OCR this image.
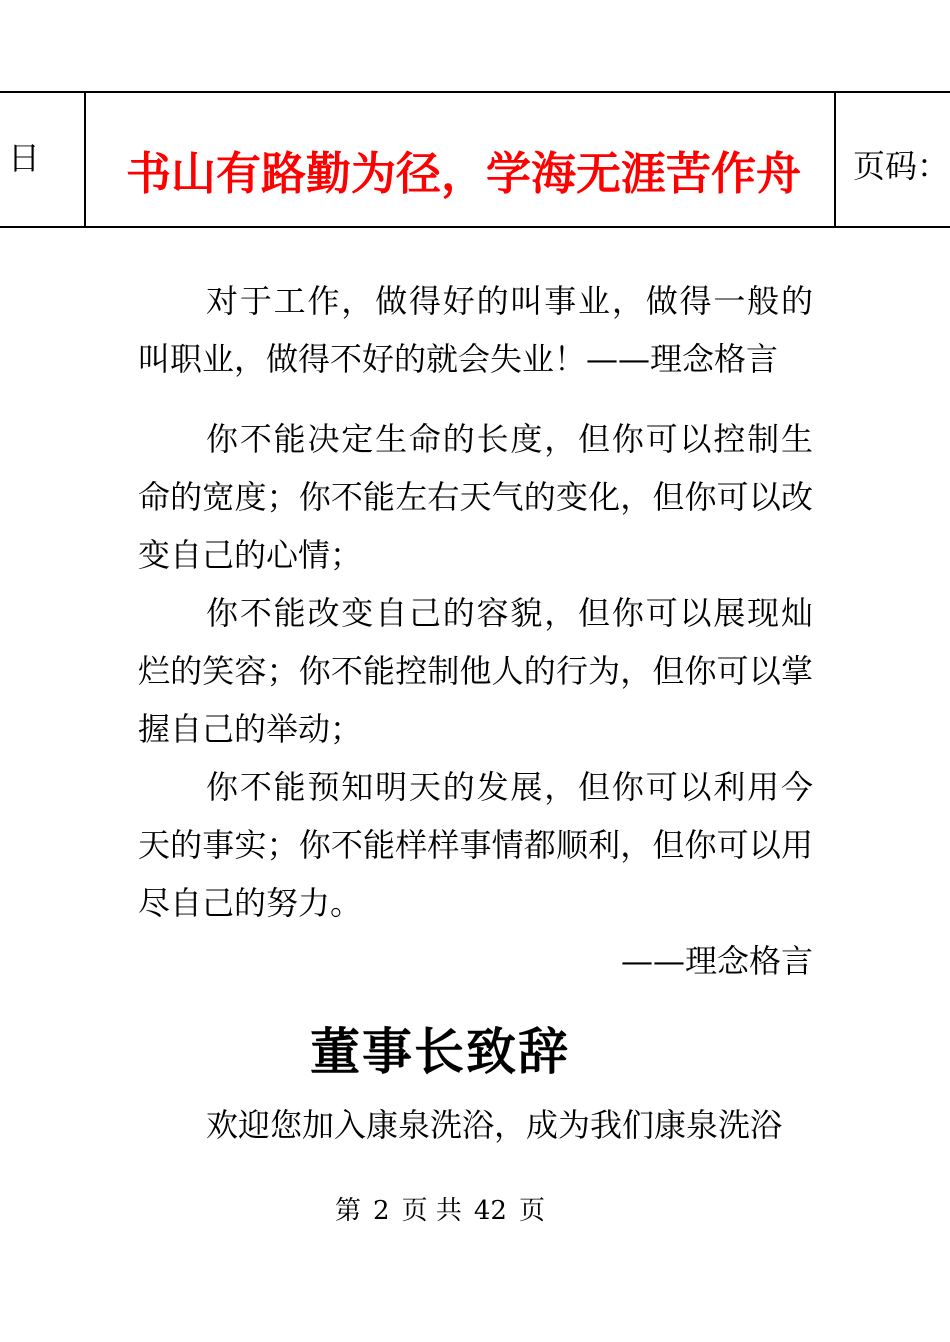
日 书山有路勤为径，学海无涯苦作舟 页码：

对于工作，做得好的叫事业，做得一般的叫职业，做得不好的就会失业！——理念格言

你不能决定生命的长度，但你可以控制生命的宽度；你不能左右天气的变化，但你可以改变自己的心情；

你不能改变自己的容貌，但你可以展现灿烂的笑容；你不能控制他人的行为，但你可以掌握自己的举动；

你不能预知明天的发展，但你可以利用今天的事实；你不能样样事情都顺利，但你可以用尽自己的努力。

——理念格言

董事长致辞
欢迎您加入康泉洗浴，成为我们康泉洗浴
第 2 页 共 42 页
